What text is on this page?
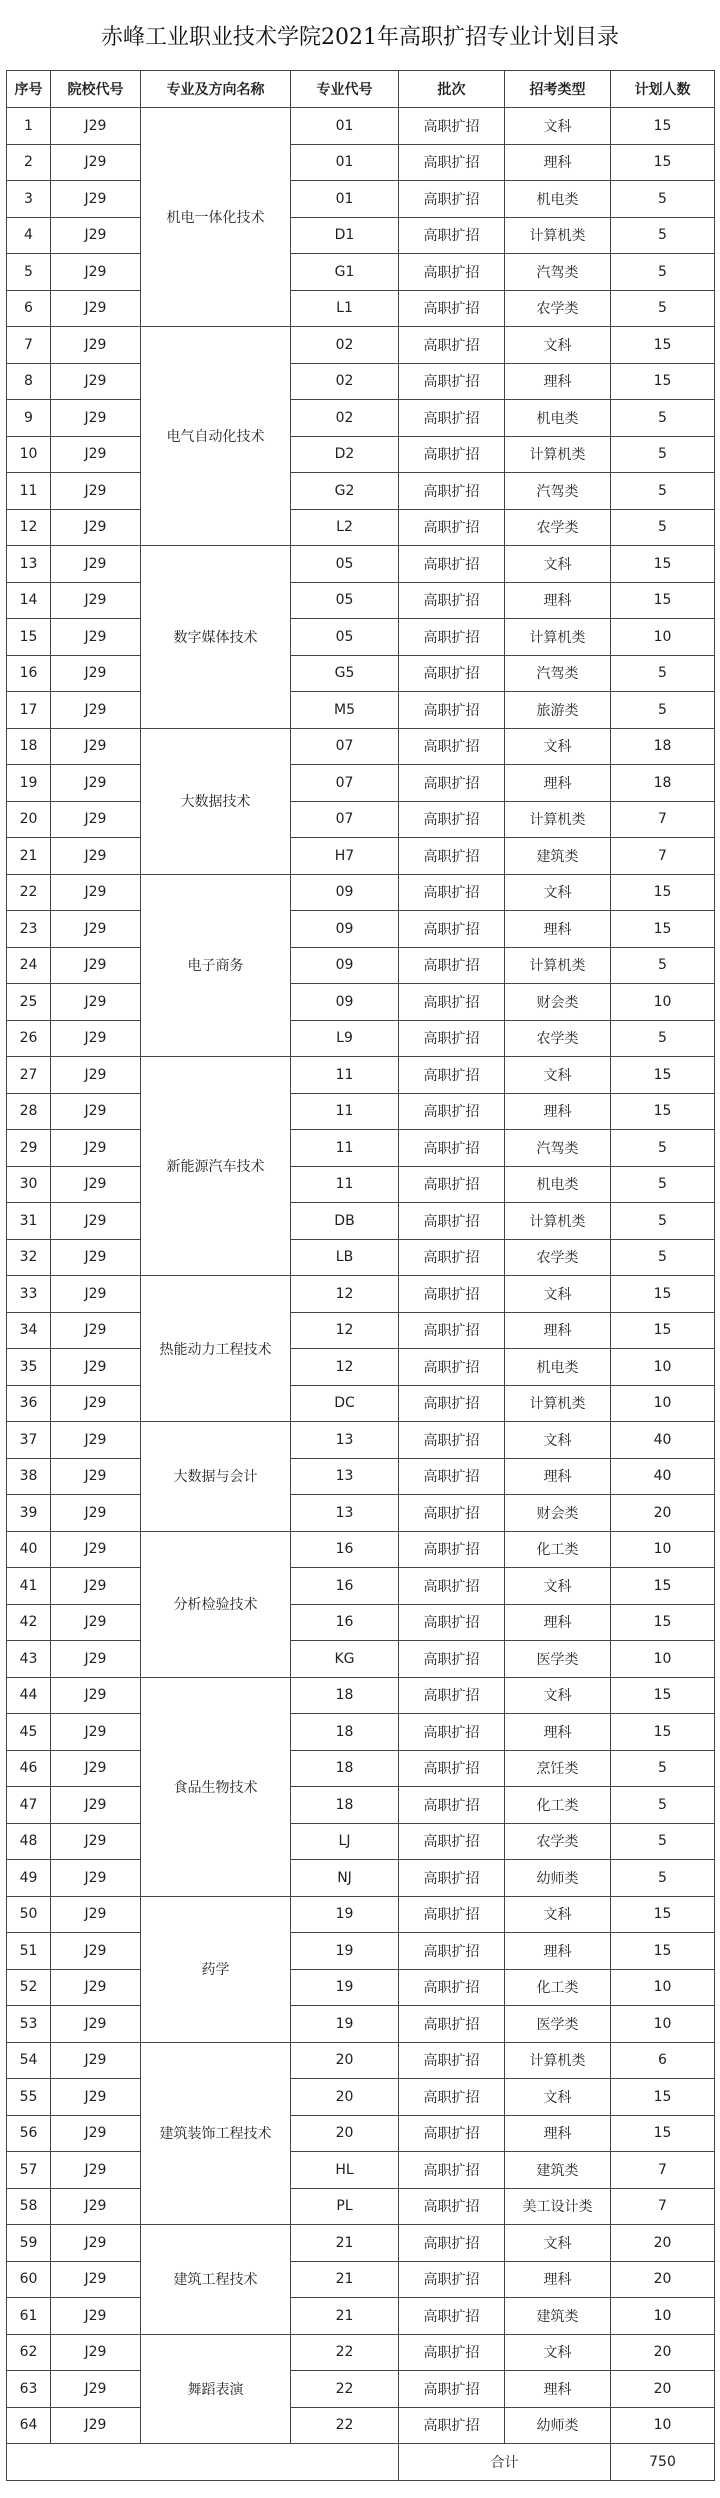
赤峰工业职业技术学院2021年高职扩招专业计划目录
序号	院校代号	专业及方向名称	专业代号	批次	招考类型	计划人数
1	J29	机电一体化技术	01	高职扩招	文科	15
2	J29		01	高职扩招	理科	15
3	J29		01	高职扩招	机电类	5
4	J29		D1	高职扩招	计算机类	5
5	J29		G1	高职扩招	汽驾类	5
6	J29		L1	高职扩招	农学类	5
7	J29	电气自动化技术	02	高职扩招	文科	15
8	J29		02	高职扩招	理科	15
9	J29		02	高职扩招	机电类	5
10	J29		D2	高职扩招	计算机类	5
11	J29		G2	高职扩招	汽驾类	5
12	J29		L2	高职扩招	农学类	5
13	J29	数字媒体技术	05	高职扩招	文科	15
14	J29		05	高职扩招	理科	15
15	J29		05	高职扩招	计算机类	10
16	J29		G5	高职扩招	汽驾类	5
17	J29		M5	高职扩招	旅游类	5
18	J29	大数据技术	07	高职扩招	文科	18
19	J29		07	高职扩招	理科	18
20	J29		07	高职扩招	计算机类	7
21	J29		H7	高职扩招	建筑类	7
22	J29	电子商务	09	高职扩招	文科	15
23	J29		09	高职扩招	理科	15
24	J29		09	高职扩招	计算机类	5
25	J29		09	高职扩招	财会类	10
26	J29		L9	高职扩招	农学类	5
27	J29	新能源汽车技术	11	高职扩招	文科	15
28	J29		11	高职扩招	理科	15
29	J29		11	高职扩招	汽驾类	5
30	J29		11	高职扩招	机电类	5
31	J29		DB	高职扩招	计算机类	5
32	J29		LB	高职扩招	农学类	5
33	J29	热能动力工程技术	12	高职扩招	文科	15
34	J29		12	高职扩招	理科	15
35	J29		12	高职扩招	机电类	10
36	J29		DC	高职扩招	计算机类	10
37	J29	大数据与会计	13	高职扩招	文科	40
38	J29		13	高职扩招	理科	40
39	J29		13	高职扩招	财会类	20
40	J29	分析检验技术	16	高职扩招	化工类	10
41	J29		16	高职扩招	文科	15
42	J29		16	高职扩招	理科	15
43	J29		KG	高职扩招	医学类	10
44	J29	食品生物技术	18	高职扩招	文科	15
45	J29		18	高职扩招	理科	15
46	J29		18	高职扩招	烹饪类	5
47	J29		18	高职扩招	化工类	5
48	J29		LJ	高职扩招	农学类	5
49	J29		NJ	高职扩招	幼师类	5
50	J29	药学	19	高职扩招	文科	15
51	J29		19	高职扩招	理科	15
52	J29		19	高职扩招	化工类	10
53	J29		19	高职扩招	医学类	10
54	J29	建筑装饰工程技术	20	高职扩招	计算机类	6
55	J29		20	高职扩招	文科	15
56	J29		20	高职扩招	理科	15
57	J29		HL	高职扩招	建筑类	7
58	J29		PL	高职扩招	美工设计类	7
59	J29	建筑工程技术	21	高职扩招	文科	20
60	J29		21	高职扩招	理科	20
61	J29		21	高职扩招	建筑类	10
62	J29	舞蹈表演	22	高职扩招	文科	20
63	J29		22	高职扩招	理科	20
64	J29		22	高职扩招	幼师类	10
				合计		750
